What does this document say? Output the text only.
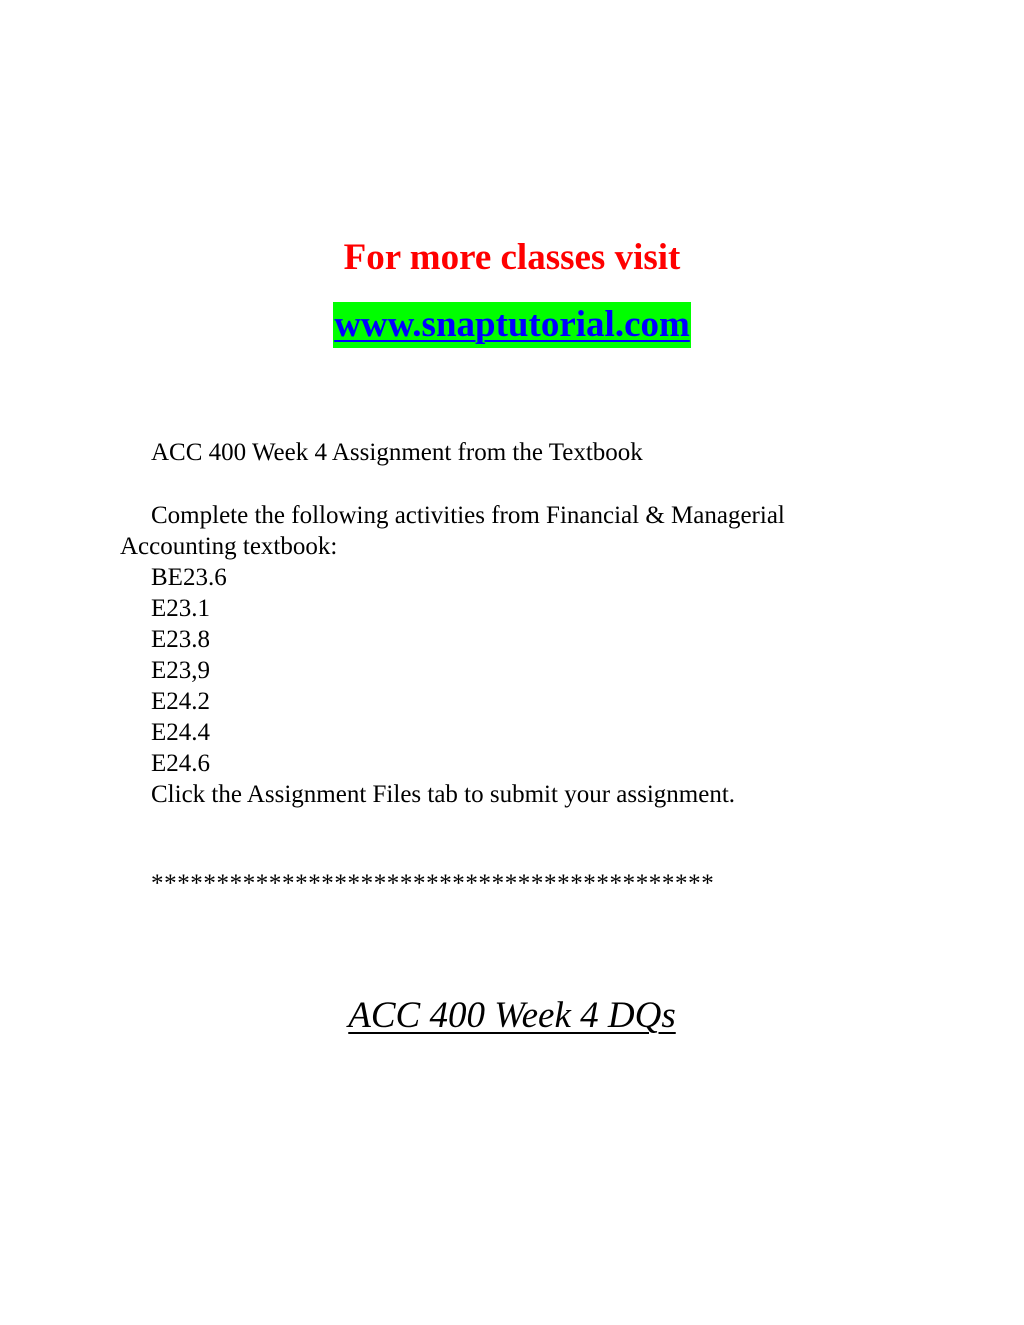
For more classes visit
www.snaptutorial.com
ACC 400 Week 4 Assignment from the Textbook
Complete the following activities from Financial & Managerial
Accounting textbook:
BE23.6
E23.1
E23.8
E23,9
E24.2
E24.4
E24.6
Click the Assignment Files tab to submit your assignment.
*******************************************
ACC 400 Week 4 DQs
